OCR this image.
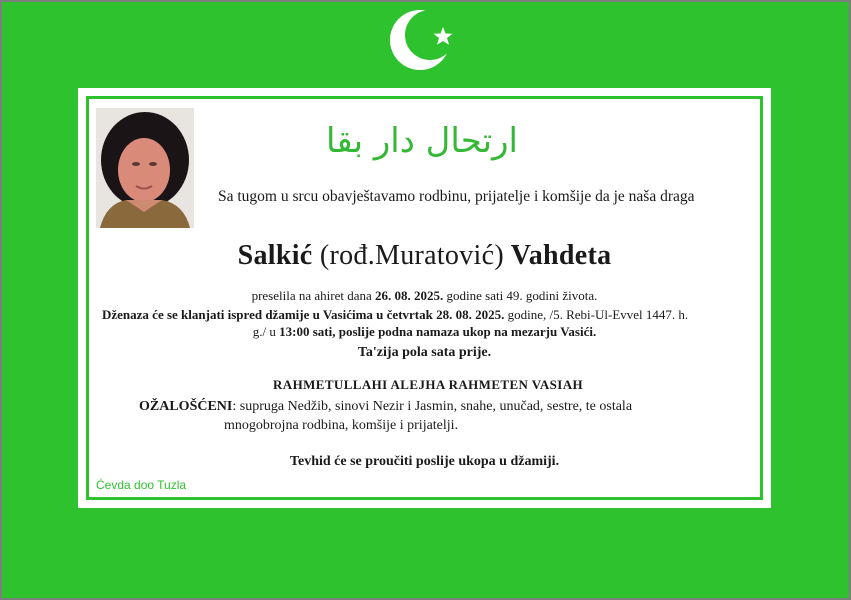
ارتحال دار بقا
Sa tugom u srcu obavještavamo rodbinu, prijatelje i komšije da je naša draga
Salkić (rođ.Muratović) Vahdeta
preselila na ahiret dana 26. 08. 2025. godine sati 49. godini života.
Dženaza će se klanjati ispred džamije u Vasićima u četvrtak 28. 08. 2025. godine, /5. Rebi-Ul-Evvel 1447. h.
g./ u 13:00 sati, poslije podna namaza ukop na mezarju Vasići.
Ta'zija pola sata prije.
RAHMETULLAHI ALEJHA RAHMETEN VASIAH
OŽALOŠĆENI: supruga Nedžib, sinovi Nezir i Jasmin, snahe, unučad, sestre, te ostala
mnogobrojna rodbina, komšije i prijatelji.
Tevhid će se proučiti poslije ukopa u džamiji.
Ćevda doo Tuzla
